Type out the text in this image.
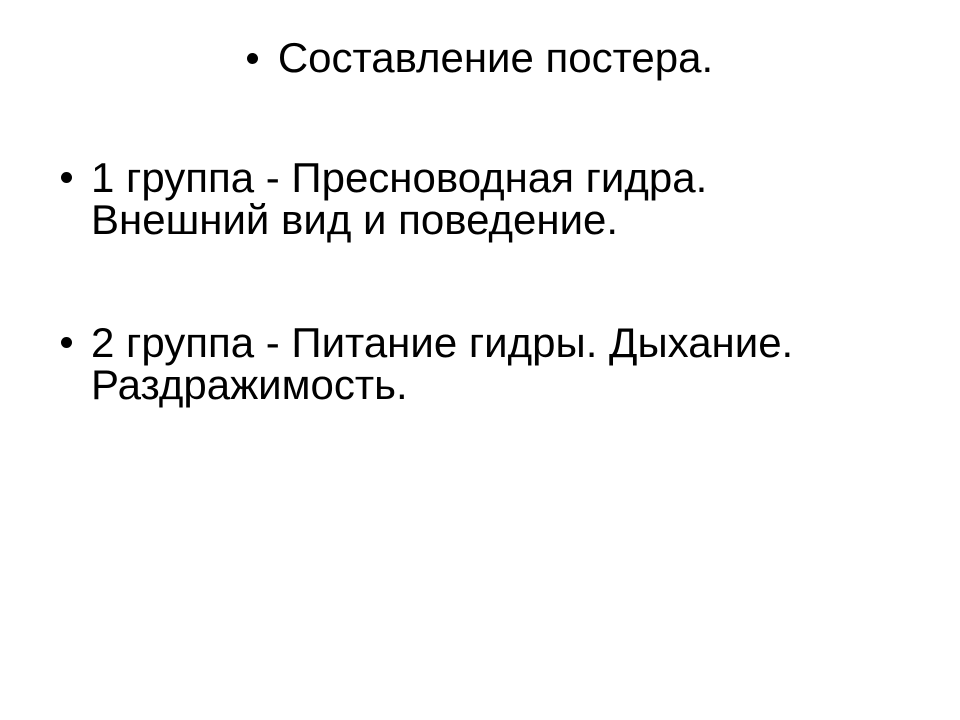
Составление постера.
1 группа - Пресноводная гидра.
Внешний вид и поведение.
2 группа - Питание гидры. Дыхание.
Раздражимость.
